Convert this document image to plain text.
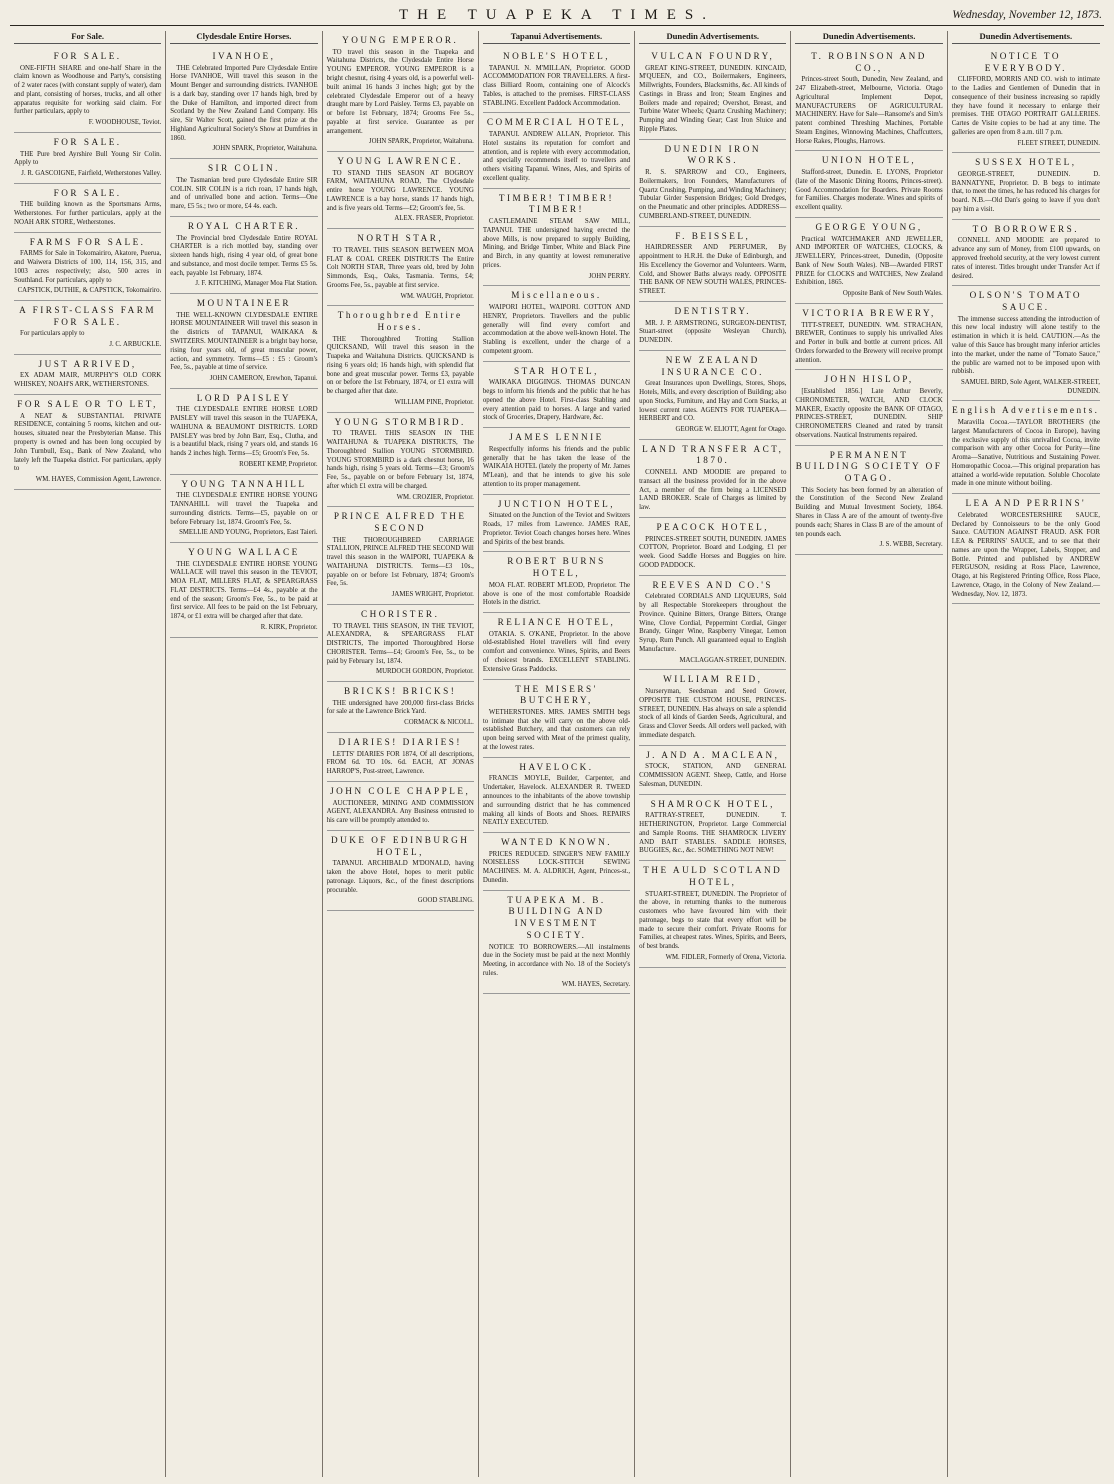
THE TUAPEKA TIMES.	Wednesday, November 12, 1873.
For Sale.
FOR SALE.
ONE-FIFTH SHARE and one-half Share in the claim known as Woodhouse and Party's, consisting of 2 water races (with constant supply of water), dam and plant, consisting of horses, trucks, and all other apparatus requisite for working said claim. For further particulars, apply to
F. WOODHOUSE, Teviot.
FOR SALE.
THE Pure bred Ayrshire Bull Young Sir Colin. Apply to
J. R. GASCOIGNE, Fairfield, Wetherstones Valley.
FOR SALE.
THE building known as the Sportsmans Arms, Wetherstones. For further particulars, apply at the NOAH ARK STORE, Wetherstones.
FARMS FOR SALE.
FARMS for Sale in Tokomairiro, Akatore, Puerua, and Waiwera Districts of 100, 114, 156, 315, and 1003 acres respectively; also, 500 acres in Southland. For particulars, apply to
CAPSTICK, DUTHIE, & CAPSTICK, Tokomairiro.
A FIRST-CLASS FARM FOR SALE.
For particulars apply to
J. C. ARBUCKLE.
JUST ARRIVED,
EX ADAM MAIR, MURPHY'S OLD CORK WHISKEY, NOAH'S ARK, WETHERSTONES.
FOR SALE OR TO LET,
A NEAT & SUBSTANTIAL PRIVATE RESIDENCE, containing 5 rooms, kitchen and out-houses, situated near the Presbyterian Manse. This property is owned and has been long occupied by John Turnbull, Esq., Bank of New Zealand, who lately left the Tuapeka district. For particulars, apply to
WM. HAYES, Commission Agent, Lawrence.
Clydesdale Entire Horses.
IVANHOE,
THE Celebrated Imported Pure Clydesdale Entire Horse IVANHOE, Will travel this season in the Mount Benger and surrounding districts. IVANHOE is a dark bay, standing over 17 hands high, bred by the Duke of Hamilton, and imported direct from Scotland by the New Zealand Land Company. His sire, Sir Walter Scott, gained the first prize at the Highland Agricultural Society's Show at Dumfries in 1860.
JOHN SPARK, Proprietor, Waitahuna.
SIR COLIN.
The Tasmanian bred pure Clydesdale Entire SIR COLIN. SIR COLIN is a rich roan, 17 hands high, and of unrivalled bone and action. Terms—One mare, £5 5s.; two or more, £4 4s. each.
ROYAL CHARTER.
The Provincial bred Clydesdale Entire ROYAL CHARTER is a rich mottled bay, standing over sixteen hands high, rising 4 year old, of great bone and substance, and most docile temper. Terms £5 5s. each, payable 1st February, 1874.
J. F. KITCHING, Manager Moa Flat Station.
MOUNTAINEER
THE WELL-KNOWN CLYDESDALE ENTIRE HORSE MOUNTAINEER Will travel this season in the districts of TAPANUI, WAIKAKA & SWITZERS. MOUNTAINEER is a bright bay horse, rising four years old, of great muscular power, action, and symmetry. Terms—£5 : £5 : Groom's Fee, 5s., payable at time of service.
JOHN CAMERON, Erewhon, Tapanui.
LORD PAISLEY
THE CLYDESDALE ENTIRE HORSE LORD PAISLEY will travel this season in the TUAPEKA, WAIHUNA & BEAUMONT DISTRICTS. LORD PAISLEY was bred by John Barr, Esq., Clutha, and is a beautiful black, rising 7 years old, and stands 16 hands 2 inches high. Terms—£5; Groom's Fee, 5s.
ROBERT KEMP, Proprietor.
YOUNG TANNAHILL
THE CLYDESDALE ENTIRE HORSE YOUNG TANNAHILL will travel the Tuapeka and surrounding districts. Terms—£5, payable on or before February 1st, 1874. Groom's Fee, 5s.
SMELLIE AND YOUNG, Proprietors, East Taieri.
YOUNG WALLACE
THE CLYDESDALE ENTIRE HORSE YOUNG WALLACE will travel this season in the TEVIOT, MOA FLAT, MILLERS FLAT, & SPEARGRASS FLAT DISTRICTS. Terms—£4 4s., payable at the end of the season; Groom's Fee, 5s., to be paid at first service. All fees to be paid on the 1st February, 1874, or £1 extra will be charged after that date.
R. KIRK, Proprietor.
YOUNG EMPEROR.
TO travel this season in the Tuapeka and Waitahuna Districts, the Clydesdale Entire Horse YOUNG EMPEROR. YOUNG EMPEROR is a bright chesnut, rising 4 years old, is a powerful well-built animal 16 hands 3 inches high; got by the celebrated Clydesdale Emperor out of a heavy draught mare by Lord Paisley. Terms £3, payable on or before 1st February, 1874; Grooms Fee 5s., payable at first service. Guarantee as per arrangement.
JOHN SPARK, Proprietor, Waitahuna.
YOUNG LAWRENCE.
TO STAND THIS SEASON AT BOGROY FARM, WAITAHUNA ROAD, The Clydesdale entire horse YOUNG LAWRENCE. YOUNG LAWRENCE is a bay horse, stands 17 hands high, and is five years old. Terms—£2; Groom's fee, 5s.
ALEX. FRASER, Proprietor.
NORTH STAR,
TO TRAVEL THIS SEASON BETWEEN MOA FLAT & COAL CREEK DISTRICTS The Entire Colt NORTH STAR, Three years old, bred by John Simmonds, Esq., Oaks, Tasmania. Terms, £4; Grooms Fee, 5s., payable at first service.
WM. WAUGH, Proprietor.
Thoroughbred Entire Horses.
THE Thoroughbred Trotting Stallion QUICKSAND, Will travel this season in the Tuapeka and Waitahuna Districts. QUICKSAND is rising 6 years old; 16 hands high, with splendid flat bone and great muscular power. Terms £3, payable on or before the 1st February, 1874, or £1 extra will be charged after that date.
WILLIAM PINE, Proprietor.
YOUNG STORMBIRD.
TO TRAVEL THIS SEASON IN THE WAITAHUNA & TUAPEKA DISTRICTS, The Thoroughbred Stallion YOUNG STORMBIRD. YOUNG STORMBIRD is a dark chesnut horse, 16 hands high, rising 5 years old. Terms—£3; Groom's Fee, 5s., payable on or before February 1st, 1874, after which £1 extra will be charged.
WM. CROZIER, Proprietor.
PRINCE ALFRED THE SECOND
THE THOROUGHBRED CARRIAGE STALLION, PRINCE ALFRED THE SECOND Will travel this season in the WAIPORI, TUAPEKA & WAITAHUNA DISTRICTS. Terms—£3 10s., payable on or before 1st February, 1874; Groom's Fee, 5s.
JAMES WRIGHT, Proprietor.
CHORISTER.
TO TRAVEL THIS SEASON, IN THE TEVIOT, ALEXANDRA, & SPEARGRASS FLAT DISTRICTS, The imported Thoroughbred Horse CHORISTER. Terms—£4; Groom's Fee, 5s., to be paid by February 1st, 1874.
MURDOCH GORDON, Proprietor.
BRICKS! BRICKS!
THE undersigned have 200,000 first-class Bricks for sale at the Lawrence Brick Yard.
CORMACK & NICOLL.
DIARIES! DIARIES!
LETTS' DIARIES FOR 1874, Of all descriptions, FROM 6d. TO 10s. 6d. EACH, AT JONAS HARROP'S, Post-street, Lawrence.
JOHN COLE CHAPPLE,
AUCTIONEER, MINING AND COMMISSION AGENT, ALEXANDRA. Any Business entrusted to his care will be promptly attended to.
DUKE OF EDINBURGH HOTEL,
TAPANUI. ARCHIBALD M'DONALD, having taken the above Hotel, hopes to merit public patronage. Liquors, &c., of the finest descriptions procurable.
GOOD STABLING.
Tapanui Advertisements.
NOBLE'S HOTEL,
TAPANUI. N. M'MILLAN, Proprietor. GOOD ACCOMMODATION FOR TRAVELLERS. A first-class Billiard Room, containing one of Alcock's Tables, is attached to the premises. FIRST-CLASS STABLING. Excellent Paddock Accommodation.
COMMERCIAL HOTEL,
TAPANUI. ANDREW ALLAN, Proprietor. This Hotel sustains its reputation for comfort and attention, and is replete with every accommodation, and specially recommends itself to travellers and others visiting Tapanui. Wines, Ales, and Spirits of excellent quality.
TIMBER! TIMBER! TIMBER!
CASTLEMAINE STEAM SAW MILL, TAPANUI. THE undersigned having erected the above Mills, is now prepared to supply Building, Mining, and Bridge Timber, White and Black Pine and Birch, in any quantity at lowest remunerative prices.
JOHN PERRY.
Miscellaneous.
WAIPORI HOTEL, WAIPORI. COTTON AND HENRY, Proprietors. Travellers and the public generally will find every comfort and accommodation at the above well-known Hotel. The Stabling is excellent, under the charge of a competent groom.
STAR HOTEL,
WAIKAKA DIGGINGS. THOMAS DUNCAN begs to inform his friends and the public that he has opened the above Hotel. First-class Stabling and every attention paid to horses. A large and varied stock of Groceries, Drapery, Hardware, &c.
JAMES LENNIE
Respectfully informs his friends and the public generally that he has taken the lease of the WAIKAIA HOTEL (lately the property of Mr. James M'Lean), and that he intends to give his sole attention to its proper management.
JUNCTION HOTEL,
Situated on the Junction of the Teviot and Switzers Roads, 17 miles from Lawrence. JAMES RAE, Proprietor. Teviot Coach changes horses here. Wines and Spirits of the best brands.
ROBERT BURNS HOTEL,
MOA FLAT. ROBERT M'LEOD, Proprietor. The above is one of the most comfortable Roadside Hotels in the district.
RELIANCE HOTEL,
OTAKIA. S. O'KANE, Proprietor. In the above old-established Hotel travellers will find every comfort and convenience. Wines, Spirits, and Beers of choicest brands. EXCELLENT STABLING. Extensive Grass Paddocks.
THE MISERS' BUTCHERY,
WETHERSTONES. MRS. JAMES SMITH begs to intimate that she will carry on the above old-established Butchery, and that customers can rely upon being served with Meat of the primest quality, at the lowest rates.
HAVELOCK.
FRANCIS MOYLE, Builder, Carpenter, and Undertaker, Havelock. ALEXANDER R. TWEED announces to the inhabitants of the above township and surrounding district that he has commenced making all kinds of Boots and Shoes. REPAIRS NEATLY EXECUTED.
WANTED KNOWN.
PRICES REDUCED. SINGER'S NEW FAMILY NOISELESS LOCK-STITCH SEWING MACHINES. M. A. ALDRICH, Agent, Princes-st., Dunedin.
TUAPEKA M. B. BUILDING AND INVESTMENT SOCIETY.
NOTICE TO BORROWERS.—All instalments due in the Society must be paid at the next Monthly Meeting, in accordance with No. 18 of the Society's rules.
WM. HAYES, Secretary.
Dunedin Advertisements.
VULCAN FOUNDRY,
GREAT KING-STREET, DUNEDIN. KINCAID, M'QUEEN, and CO., Boilermakers, Engineers, Millwrights, Founders, Blacksmiths, &c. All kinds of Castings in Brass and Iron; Steam Engines and Boilers made and repaired; Overshot, Breast, and Turbine Water Wheels; Quartz Crushing Machinery; Pumping and Winding Gear; Cast Iron Sluice and Ripple Plates.
DUNEDIN IRON WORKS.
R. S. SPARROW and CO., Engineers, Boilermakers, Iron Founders, Manufacturers of Quartz Crushing, Pumping, and Winding Machinery; Tubular Girder Suspension Bridges; Gold Dredges, on the Pneumatic and other principles. ADDRESS—CUMBERLAND-STREET, DUNEDIN.
F. BEISSEL,
HAIRDRESSER AND PERFUMER, By appointment to H.R.H. the Duke of Edinburgh, and His Excellency the Governor and Volunteers. Warm, Cold, and Shower Baths always ready. OPPOSITE THE BANK OF NEW SOUTH WALES, PRINCES-STREET.
DENTISTRY.
MR. J. P. ARMSTRONG, SURGEON-DENTIST, Stuart-street (opposite Wesleyan Church), DUNEDIN.
NEW ZEALAND INSURANCE CO.
Great Insurances upon Dwellings, Stores, Shops, Hotels, Mills, and every description of Building; also upon Stocks, Furniture, and Hay and Corn Stacks, at lowest current rates. AGENTS FOR TUAPEKA—HERBERT and CO.
GEORGE W. ELIOTT, Agent for Otago.
LAND TRANSFER ACT, 1870.
CONNELL AND MOODIE are prepared to transact all the business provided for in the above Act, a member of the firm being a LICENSED LAND BROKER. Scale of Charges as limited by law.
PEACOCK HOTEL,
PRINCES-STREET SOUTH, DUNEDIN. JAMES COTTON, Proprietor. Board and Lodging, £1 per week. Good Saddle Horses and Buggies on hire. GOOD PADDOCK.
REEVES AND CO.'S
Celebrated CORDIALS AND LIQUEURS, Sold by all Respectable Storekeepers throughout the Province. Quinine Bitters, Orange Bitters, Orange Wine, Clove Cordial, Peppermint Cordial, Ginger Brandy, Ginger Wine, Raspberry Vinegar, Lemon Syrup, Rum Punch. All guaranteed equal to English Manufacture.
MACLAGGAN-STREET, DUNEDIN.
WILLIAM REID,
Nurseryman, Seedsman and Seed Grower, OPPOSITE THE CUSTOM HOUSE, PRINCES-STREET, DUNEDIN. Has always on sale a splendid stock of all kinds of Garden Seeds, Agricultural, and Grass and Clover Seeds. All orders well packed, with immediate despatch.
J. AND A. MACLEAN,
STOCK, STATION, AND GENERAL COMMISSION AGENT. Sheep, Cattle, and Horse Salesman, DUNEDIN.
SHAMROCK HOTEL,
RATTRAY-STREET, DUNEDIN. T. HETHERINGTON, Proprietor. Large Commercial and Sample Rooms. THE SHAMROCK LIVERY AND BAIT STABLES. SADDLE HORSES, BUGGIES, &c., &c. SOMETHING NOT NEW!
THE AULD SCOTLAND HOTEL,
STUART-STREET, DUNEDIN. The Proprietor of the above, in returning thanks to the numerous customers who have favoured him with their patronage, begs to state that every effort will be made to secure their comfort. Private Rooms for Families, at cheapest rates. Wines, Spirits, and Beers, of best brands.
WM. FIDLER, Formerly of Orena, Victoria.
Dunedin Advertisements.
T. ROBINSON AND CO.,
Princes-street South, Dunedin, New Zealand, and 247 Elizabeth-street, Melbourne, Victoria. Otago Agricultural Implement Depot, MANUFACTURERS OF AGRICULTURAL MACHINERY. Have for Sale—Ransome's and Sim's patent combined Threshing Machines, Portable Steam Engines, Winnowing Machines, Chaffcutters, Horse Rakes, Ploughs, Harrows.
UNION HOTEL,
Stafford-street, Dunedin. E. LYONS, Proprietor (late of the Masonic Dining Rooms, Princes-street). Good Accommodation for Boarders. Private Rooms for Families. Charges moderate. Wines and spirits of excellent quality.
GEORGE YOUNG,
Practical WATCHMAKER AND JEWELLER, AND IMPORTER OF WATCHES, CLOCKS, & JEWELLERY, Princes-street, Dunedin, (Opposite Bank of New South Wales). NB—Awarded FIRST PRIZE for CLOCKS and WATCHES, New Zealand Exhibition, 1865.
Opposite Bank of New South Wales.
VICTORIA BREWERY,
TITT-STREET, DUNEDIN. WM. STRACHAN, BREWER, Continues to supply his unrivalled Ales and Porter in bulk and bottle at current prices. All Orders forwarded to the Brewery will receive prompt attention.
JOHN HISLOP,
[Established 1856.] Late Arthur Beverly, CHRONOMETER, WATCH, AND CLOCK MAKER, Exactly opposite the BANK OF OTAGO, PRINCES-STREET, DUNEDIN. SHIP CHRONOMETERS Cleaned and rated by transit observations. Nautical Instruments repaired.
PERMANENT BUILDING SOCIETY OF OTAGO.
This Society has been formed by an alteration of the Constitution of the Second New Zealand Building and Mutual Investment Society, 1864. Shares in Class A are of the amount of twenty-five pounds each; Shares in Class B are of the amount of ten pounds each.
J. S. WEBB, Secretary.
Dunedin Advertisements.
NOTICE TO EVERYBODY.
CLIFFORD, MORRIS AND CO. wish to intimate to the Ladies and Gentlemen of Dunedin that in consequence of their business increasing so rapidly they have found it necessary to enlarge their premises. THE OTAGO PORTRAIT GALLERIES. Cartes de Visite copies to be had at any time. The galleries are open from 8 a.m. till 7 p.m.
FLEET STREET, DUNEDIN.
SUSSEX HOTEL,
GEORGE-STREET, DUNEDIN. D. BANNATYNE, Proprietor. D. B begs to intimate that, to meet the times, he has reduced his charges for board. N.B.—Old Dan's going to leave if you don't pay him a visit.
TO BORROWERS.
CONNELL AND MOODIE are prepared to advance any sum of Money, from £100 upwards, on approved freehold security, at the very lowest current rates of interest. Titles brought under Transfer Act if desired.
OLSON'S TOMATO SAUCE.
The immense success attending the introduction of this new local industry will alone testify to the estimation in which it is held. CAUTION.—As the value of this Sauce has brought many inferior articles into the market, under the name of "Tomato Sauce," the public are warned not to be imposed upon with rubbish.
SAMUEL BIRD, Sole Agent, WALKER-STREET, DUNEDIN.
English Advertisements.
Maravilla Cocoa.—TAYLOR BROTHERS (the largest Manufacturers of Cocoa in Europe), having the exclusive supply of this unrivalled Cocoa, invite comparison with any other Cocoa for Purity—fine Aroma—Sanative, Nutritious and Sustaining Power. Homœopathic Cocoa.—This original preparation has attained a world-wide reputation. Soluble Chocolate made in one minute without boiling.
LEA AND PERRINS'
Celebrated WORCESTERSHIRE SAUCE, Declared by Connoisseurs to be the only Good Sauce. CAUTION AGAINST FRAUD. ASK FOR LEA & PERRINS' SAUCE, and to see that their names are upon the Wrapper, Labels, Stopper, and Bottle. Printed and published by ANDREW FERGUSON, residing at Ross Place, Lawrence, Otago, at his Registered Printing Office, Ross Place, Lawrence, Otago, in the Colony of New Zealand.—Wednesday, Nov. 12, 1873.
